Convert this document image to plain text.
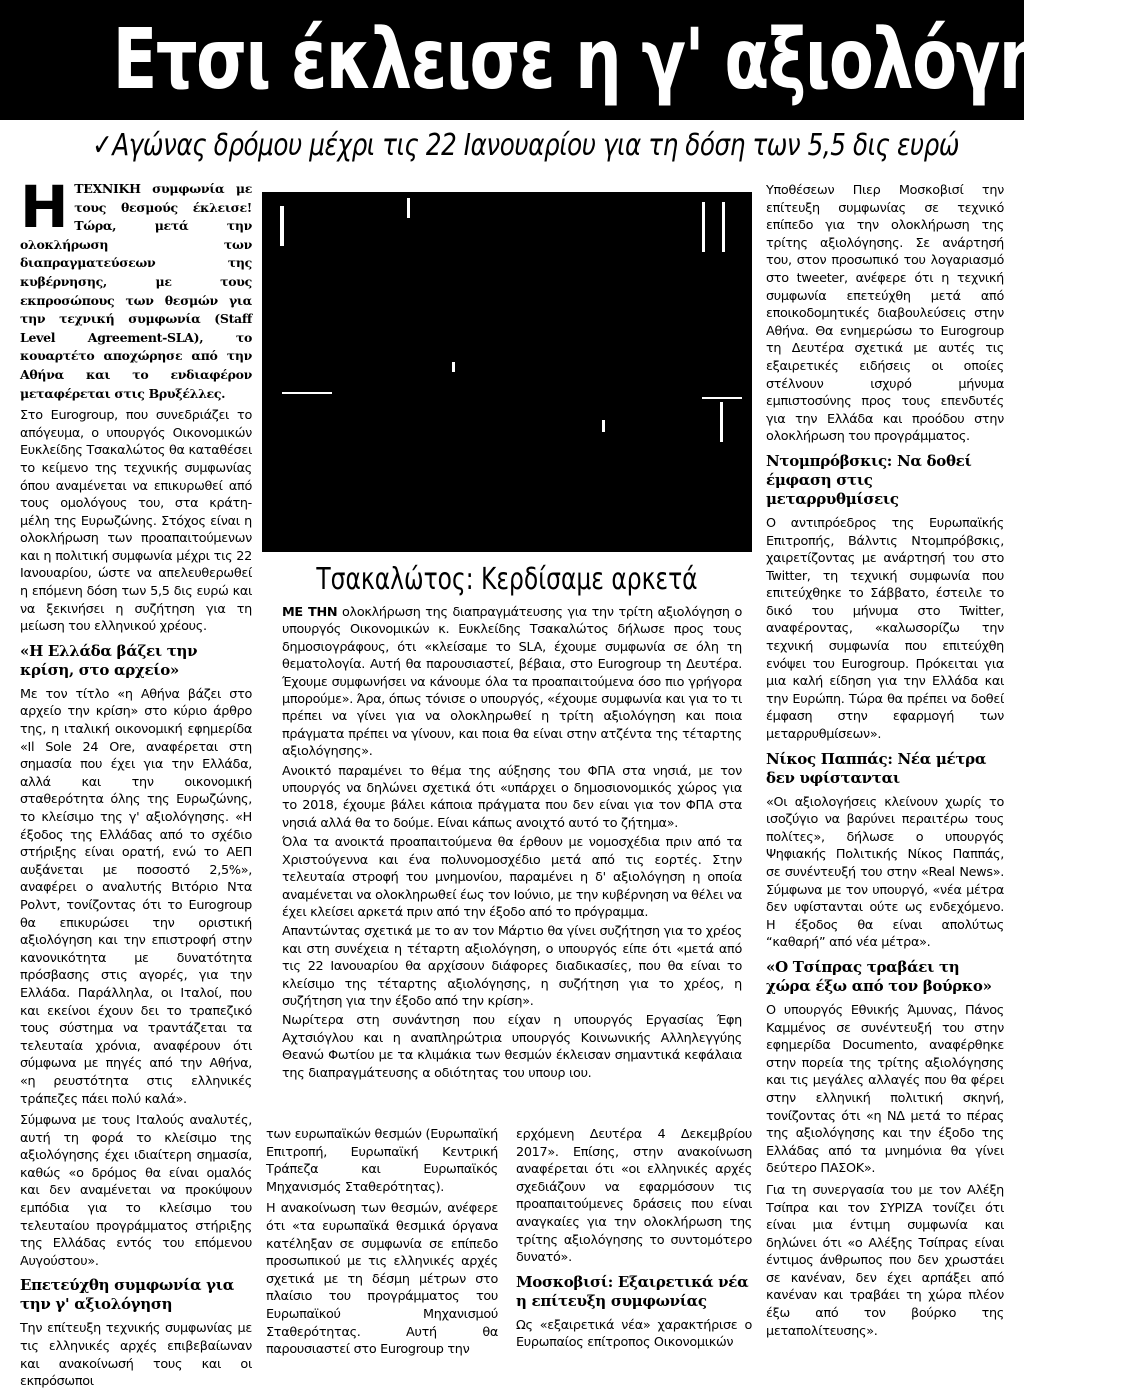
Ετσι έκλεισε η γ' αξιολόγηση
✓Αγώνας δρόμου μέχρι τις 22 Ιανουαρίου για τη δόση των 5,5 δις ευρώ

Η ΤΕΧΝΙΚΗ συμφωνία με τους θεσμούς έκλεισε! Τώρα, μετά την ολοκλήρωση των διαπραγματεύσεων της κυβέρνησης, με τους εκπροσώπους των θεσμών για την τεχνική συμφωνία (Staff Level Agreement-SLA), το κουαρτέτο αποχώρησε από την Αθήνα και το ενδιαφέρον μεταφέρεται στις Βρυξέλλες.

Στο Eurogroup, που συνεδριάζει το απόγευμα, ο υπουργός Οικονομικών Ευκλείδης Τσακαλώτος θα καταθέσει το κείμενο της τεχνικής συμφωνίας όπου αναμένεται να επικυρωθεί από τους ομολόγους του, στα κράτη-μέλη της Ευρωζώνης. Στόχος είναι η ολοκλήρωση των προαπαιτούμενων και η πολιτική συμφωνία μέχρι τις 22 Ιανουαρίου, ώστε να απελευθερωθεί η επόμενη δόση των 5,5 δις ευρώ και να ξεκινήσει η συζήτηση για τη μείωση του ελληνικού χρέους.

«Η Ελλάδα βάζει την κρίση, στο αρχείο»

Με τον τίτλο «η Αθήνα βάζει στο αρχείο την κρίση» στο κύριο άρθρο της, η ιταλική οικονομική εφημερίδα «Il Sole 24 Ore, αναφέρεται στη σημασία που έχει για την Ελλάδα, αλλά και την οικονομική σταθερότητα όλης της Ευρωζώνης, το κλείσιμο της γ' αξιολόγησης. «Η έξοδος της Ελλάδας από το σχέδιο στήριξης είναι ορατή, ενώ το ΑΕΠ αυξάνεται με ποσοστό 2,5%», αναφέρει ο αναλυτής Βιτόριο Ντα Ρολντ, τονίζοντας ότι το Eurogroup θα επικυρώσει την οριστική αξιολόγηση και την επιστροφή στην κανονικότητα με δυνατότητα πρόσβασης στις αγορές, για την Ελλάδα. Παράλληλα, οι Ιταλοί, που και εκείνοι έχουν δει το τραπεζικό τους σύστημα να τραντάζεται τα τελευταία χρόνια, αναφέρουν ότι σύμφωνα με πηγές από την Αθήνα, «η ρευστότητα στις ελληνικές τράπεζες πάει πολύ καλά».

Σύμφωνα με τους Ιταλούς αναλυτές, αυτή τη φορά το κλείσιμο της αξιολόγησης έχει ιδιαίτερη σημασία, καθώς «ο δρόμος θα είναι ομαλός και δεν αναμένεται να προκύψουν εμπόδια για το κλείσιμο του τελευταίου προγράμματος στήριξης της Ελλάδας εντός του επόμενου Αυγούστου».

Επετεύχθη συμφωνία για την γ' αξιολόγηση

Την επίτευξη τεχνικής συμφωνίας με τις ελληνικές αρχές επιβεβαίωναν και ανακοίνωσή τους και οι εκπρόσωποι

Τσακαλώτος: Κερδίσαμε αρκετά

ΜΕ ΤΗΝ ολοκλήρωση της διαπραγμάτευσης για την τρίτη αξιολόγηση ο υπουργός Οικονομικών κ. Ευκλείδης Τσακαλώτος δήλωσε προς τους δημοσιογράφους, ότι «κλείσαμε το SLA, έχουμε συμφωνία σε όλη τη θεματολογία. Αυτή θα παρουσιαστεί, βέβαια, στο Eurogroup τη Δευτέρα. Έχουμε συμφωνήσει να κάνουμε όλα τα προαπαιτούμενα όσο πιο γρήγορα μπορούμε». Άρα, όπως τόνισε ο υπουργός, «έχουμε συμφωνία και για το τι πρέπει να γίνει για να ολοκληρωθεί η τρίτη αξιολόγηση και ποια πράγματα πρέπει να γίνουν, και ποια θα είναι στην ατζέντα της τέταρτης αξιολόγησης».

Ανοικτό παραμένει το θέμα της αύξησης του ΦΠΑ στα νησιά, με τον υπουργός να δηλώνει σχετικά ότι «υπάρχει ο δημοσιονομικός χώρος για το 2018, έχουμε βάλει κάποια πράγματα που δεν είναι για τον ΦΠΑ στα νησιά αλλά θα το δούμε. Είναι κάπως ανοιχτό αυτό το ζήτημα».

Όλα τα ανοικτά προαπαιτούμενα θα έρθουν με νομοσχέδια πριν από τα Χριστούγεννα και ένα πολυνομοσχέδιο μετά από τις εορτές. Στην τελευταία στροφή του μνημονίου, παραμένει η δ' αξιολόγηση η οποία αναμένεται να ολοκληρωθεί έως τον Ιούνιο, με την κυβέρνηση να θέλει να έχει κλείσει αρκετά πριν από την έξοδο από το πρόγραμμα.

Απαντώντας σχετικά με το αν τον Μάρτιο θα γίνει συζήτηση για το χρέος και στη συνέχεια η τέταρτη αξιολόγηση, ο υπουργός είπε ότι «μετά από τις 22 Ιανουαρίου θα αρχίσουν διάφορες διαδικασίες, που θα είναι το κλείσιμο της τέταρτης αξιολόγησης, η συζήτηση για το χρέος, η συζήτηση για την έξοδο από την κρίση».

Νωρίτερα στη συνάντηση που είχαν η υπουργός Εργασίας Έφη Αχτσιόγλου και η αναπληρώτρια υπουργός Κοινωνικής Αλληλεγγύης Θεανώ Φωτίου με τα κλιμάκια των θεσμών έκλεισαν σημαντικά κεφάλαια της διαπραγμάτευσης α οδιότητας του υπουρ ιου.

των ευρωπαϊκών θεσμών (Ευρωπαϊκή Επιτροπή, Ευρωπαϊκή Κεντρική Τράπεζα και Ευρωπαϊκός Μηχανισμός Σταθερότητας).

Η ανακοίνωση των θεσμών, ανέφερε ότι «τα ευρωπαϊκά θεσμικά όργανα κατέληξαν σε συμφωνία σε επίπεδο προσωπικού με τις ελληνικές αρχές σχετικά με τη δέσμη μέτρων στο πλαίσιο του προγράμματος του Ευρωπαϊκού Μηχανισμού Σταθερότητας. Αυτή θα παρουσιαστεί στο Eurogroup την

ερχόμενη Δευτέρα 4 Δεκεμβρίου 2017». Επίσης, στην ανακοίνωση αναφέρεται ότι «οι ελληνικές αρχές σχεδιάζουν να εφαρμόσουν τις προαπαιτούμενες δράσεις που είναι αναγκαίες για την ολοκλήρωση της τρίτης αξιολόγησης το συντομότερο δυνατό».

Μοσκοβισί: Εξαιρετικά νέα η επίτευξη συμφωνίας

Ως «εξαιρετικά νέα» χαρακτήρισε ο Ευρωπαίος επίτροπος Οικονομικών

Υποθέσεων Πιερ Μοσκοβισί την επίτευξη συμφωνίας σε τεχνικό επίπεδο για την ολοκλήρωση της τρίτης αξιολόγησης. Σε ανάρτησή του, στον προσωπικό του λογαριασμό στο tweeter, ανέφερε ότι η τεχνική συμφωνία επετεύχθη μετά από εποικοδομητικές διαβουλεύσεις στην Αθήνα. Θα ενημερώσω το Eurogroup τη Δευτέρα σχετικά με αυτές τις εξαιρετικές ειδήσεις οι οποίες στέλνουν ισχυρό μήνυμα εμπιστοσύνης προς τους επενδυτές για την Ελλάδα και προόδου στην ολοκλήρωση του προγράμματος.

Ντομπρόβσκις: Να δοθεί έμφαση στις μεταρρυθμίσεις

Ο αντιπρόεδρος της Ευρωπαϊκής Επιτροπής, Βάλντις Ντομπρόβσκις, χαιρετίζοντας με ανάρτησή του στο Twitter, τη τεχνική συμφωνία που επιτεύχθηκε το Σάββατο, έστειλε το δικό του μήνυμα στο Twitter, αναφέροντας, «καλωσορίζω την τεχνική συμφωνία που επιτεύχθη ενόψει του Eurogroup. Πρόκειται για μια καλή είδηση για την Ελλάδα και την Ευρώπη. Τώρα θα πρέπει να δοθεί έμφαση στην εφαρμογή των μεταρρυθμίσεων».

Νίκος Παππάς: Νέα μέτρα δεν υφίστανται

«Οι αξιολογήσεις κλείνουν χωρίς το ισοζύγιο να βαρύνει περαιτέρω τους πολίτες», δήλωσε ο υπουργός Ψηφιακής Πολιτικής Νίκος Παππάς, σε συνέντευξή του στην «Real News». Σύμφωνα με τον υπουργό, «νέα μέτρα δεν υφίστανται ούτε ως ενδεχόμενο. Η έξοδος θα είναι απολύτως “καθαρή” από νέα μέτρα».

«Ο Τσίπρας τραβάει τη χώρα έξω από τον βούρκο»

Ο υπουργός Εθνικής Άμυνας, Πάνος Καμμένος σε συνέντευξή του στην εφημερίδα Documento, αναφέρθηκε στην πορεία της τρίτης αξιολόγησης και τις μεγάλες αλλαγές που θα φέρει στην ελληνική πολιτική σκηνή, τονίζοντας ότι «η ΝΔ μετά το πέρας της αξιολόγησης και την έξοδο της Ελλάδας από τα μνημόνια θα γίνει δεύτερο ΠΑΣΟΚ».

Για τη συνεργασία του με τον Αλέξη Τσίπρα και τον ΣΥΡΙΖΑ τονίζει ότι είναι μια έντιμη συμφωνία και δηλώνει ότι «ο Αλέξης Τσίπρας είναι έντιμος άνθρωπος που δεν χρωστάει σε κανέναν, δεν έχει αρπάξει από κανέναν και τραβάει τη χώρα πλέον έξω από τον βούρκο της μεταπολίτευσης».
